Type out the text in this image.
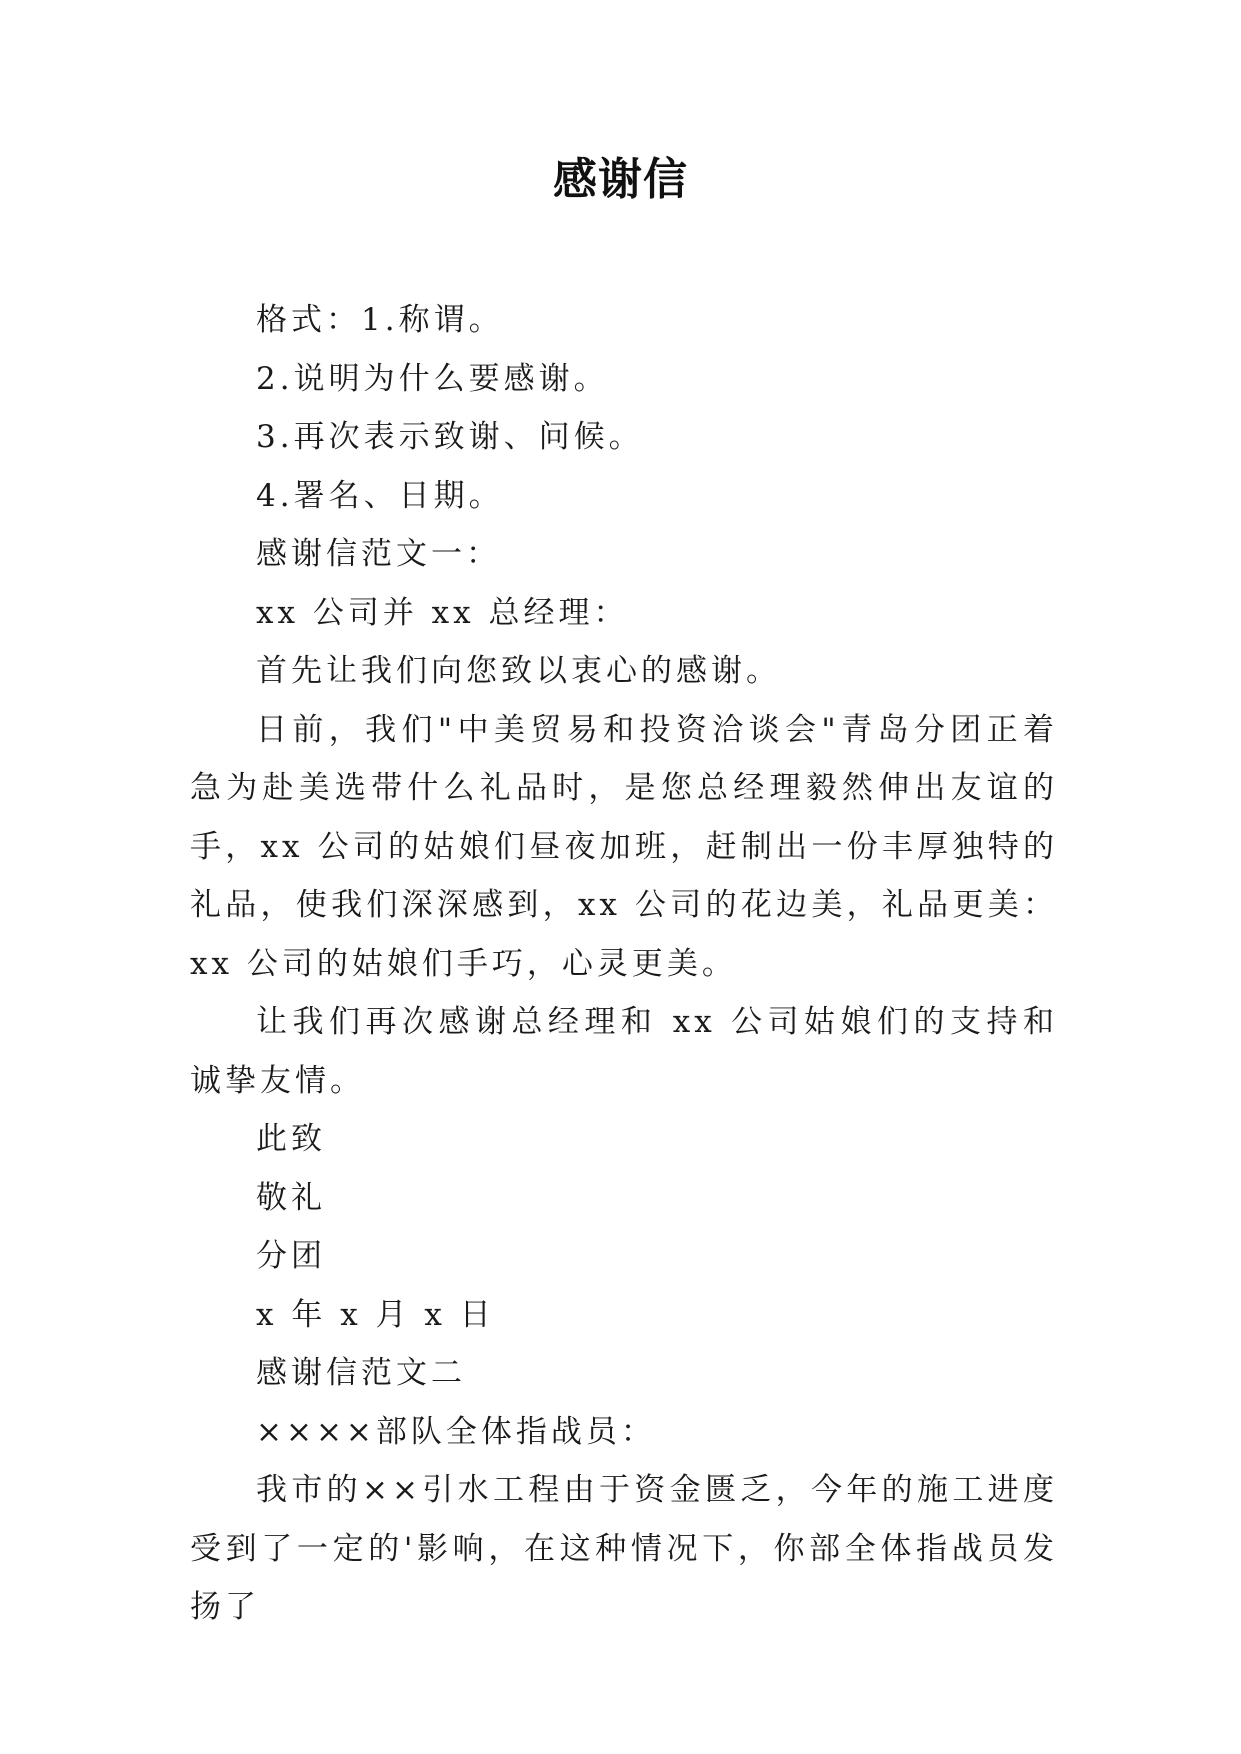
感谢信

格式：1.称谓。

2.说明为什么要感谢。

3.再次表示致谢、问候。

4.署名、日期。

感谢信范文一：

xx 公司并 xx 总经理：

首先让我们向您致以衷心的感谢。

日前，我们"中美贸易和投资洽谈会"青岛分团正着急为赴美选带什么礼品时，是您总经理毅然伸出友谊的手，xx 公司的姑娘们昼夜加班，赶制出一份丰厚独特的礼品，使我们深深感到，xx 公司的花边美，礼品更美：xx 公司的姑娘们手巧，心灵更美。

让我们再次感谢总经理和 xx 公司姑娘们的支持和诚挚友情。

此致

敬礼

分团

x 年 x 月 x 日

感谢信范文二

××××部队全体指战员：

我市的××引水工程由于资金匮乏，今年的施工进度受到了一定的'影响，在这种情况下，你部全体指战员发扬了
